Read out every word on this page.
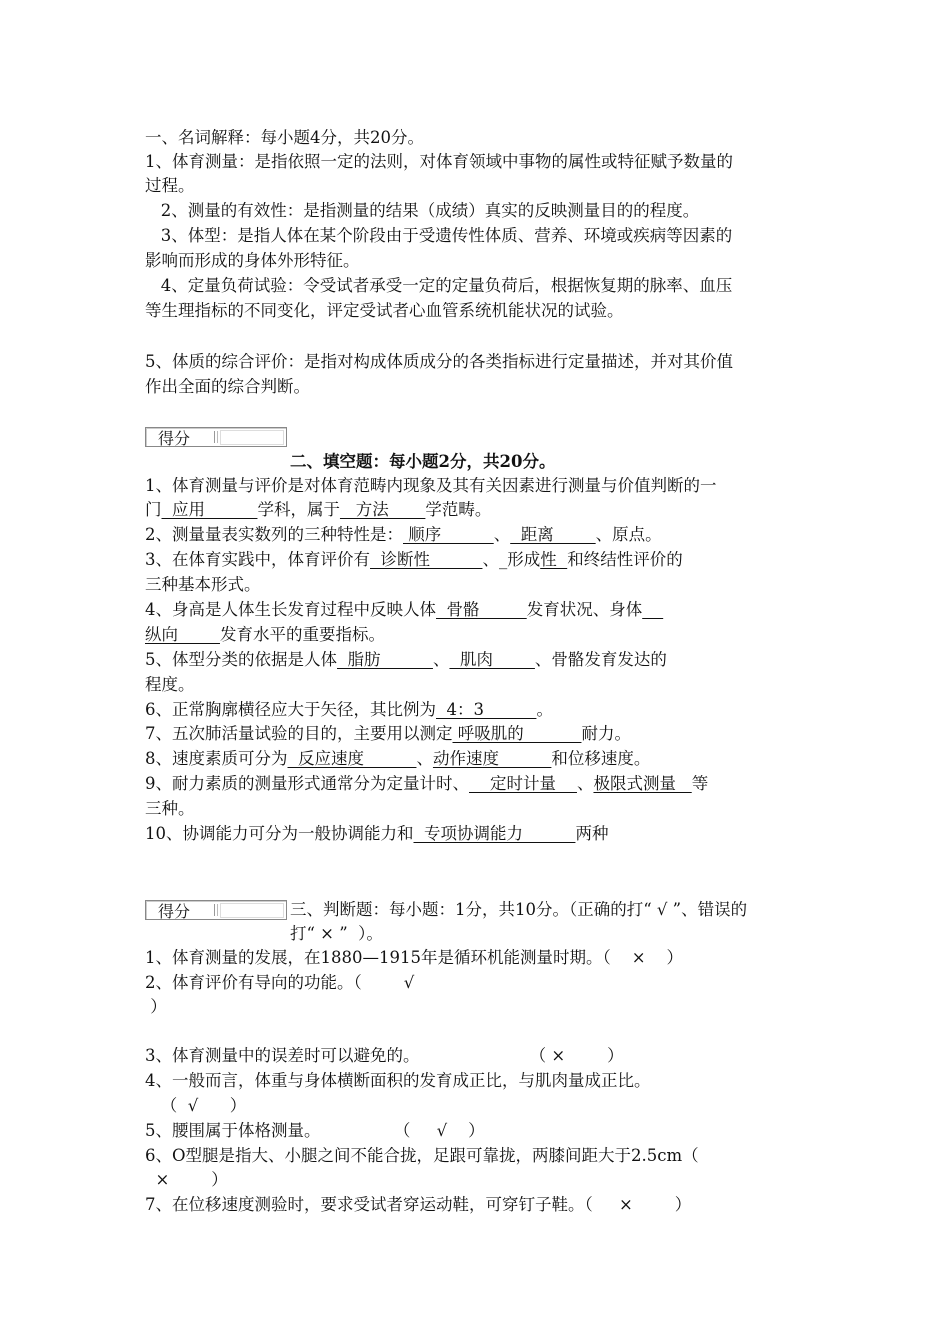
一、名词解释：每小题4分，共20分。
1、体育测量：是指依照一定的法则，对体育领域中事物的属性或特征赋予数量的
过程。
2、测量的有效性：是指测量的结果（成绩）真实的反映测量目的的程度。
3、体型：是指人体在某个阶段由于受遗传性体质、营养、环境或疾病等因素的
影响而形成的身体外形特征。
4、定量负荷试验：令受试者承受一定的定量负荷后，根据恢复期的脉率、血压
等生理指标的不同变化，评定受试者心血管系统机能状况的试验。
5、体质的综合评价：是指对构成体质成分的各类指标进行定量描述，并对其价值
作出全面的综合判断。
得分
二、填空题：每小题2分，共20分。
1、体育测量与评价是对体育范畴内现象及其有关因素进行测量与价值判断的一
门  应用          学科，属于   方法       学范畴。
2、测量量表实数列的三种特性是： 顺序          、  距离        、原点。
3、在体育实践中，体育评价有  诊断性          、_形成性  和终结性评价的
三种基本形式。
4、身高是人体生长发育过程中反映人体  骨骼         发育状况、身体
纵向        发育水平的重要指标。
5、体型分类的依据是人体  脂肪          、  肌肉        、骨骼发育发达的
程度。
6、正常胸廓横径应大于矢径，其比例为  4：3          。
7、五次肺活量试验的目的，主要用以测定 呼吸肌的           耐力。
8、速度素质可分为  反应速度          、动作速度          和位移速度。
9、耐力素质的测量形式通常分为定量计时、    定时计量    、极限式测量   等
三种。
10、协调能力可分为一般协调能力和  专项协调能力          两种
得分	三、判断题：每小题：1分，共10分。（正确的打“ √ ”、错误的
打“ × ”  ）。
1、体育测量的发展，在1880—1915年是循环机能测量时期。（    ×    ）
2、体育评价有导向的功能。（        √
）
3、体育测量中的误差时可以避免的。                     （ ×        ）
4、一般而言，体重与身体横断面积的发育成正比，与肌肉量成正比。
（  √      ）
5、腰围属于体格测量。              （     √    ）
6、O型腿是指大、小腿之间不能合拢，足跟可靠拢，两膝间距大于2.5cm（
×        ）
7、在位移速度测验时，要求受试者穿运动鞋，可穿钉子鞋。（     ×        ）
